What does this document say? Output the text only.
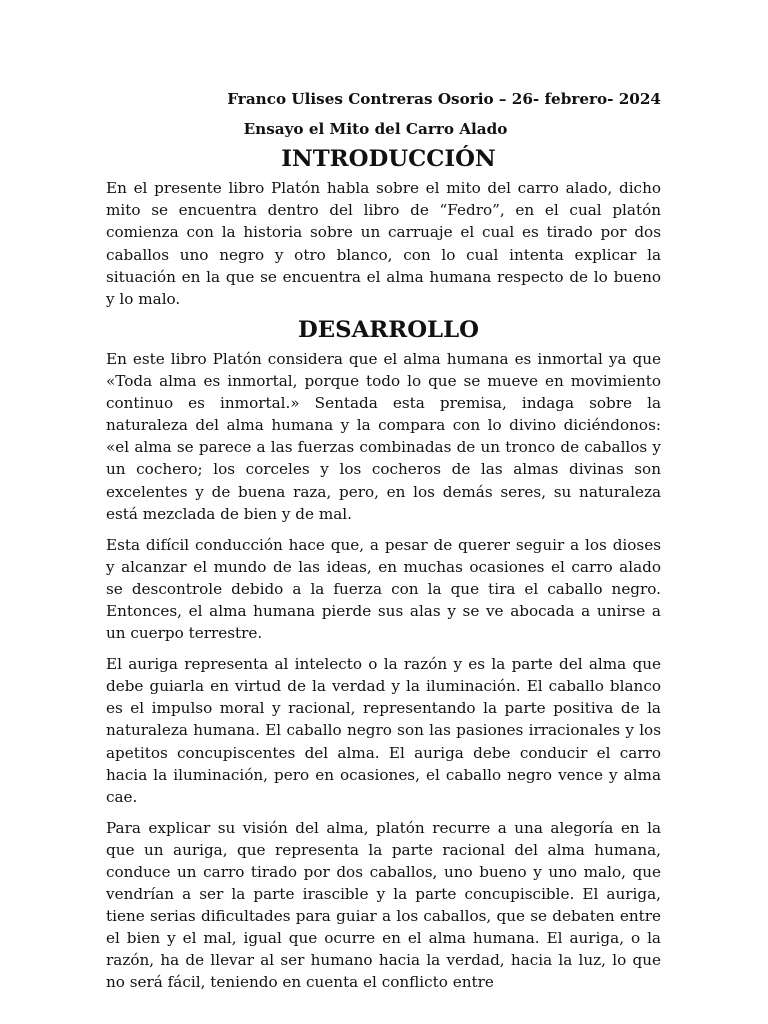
Franco Ulises Contreras Osorio – 26- febrero- 2024

Ensayo el Mito del Carro Alado

INTRODUCCIÓN

En el presente libro Platón habla sobre el mito del carro alado, dicho mito se encuentra dentro del libro de “Fedro”, en el cual platón comienza con la historia sobre un carruaje el cual es tirado por dos caballos uno negro y otro blanco, con lo cual intenta explicar la situación en la que se encuentra el alma humana respecto de lo bueno y lo malo.

DESARROLLO

En este libro Platón considera que el alma humana es inmortal ya que «Toda alma es inmortal, porque todo lo que se mueve en movimiento continuo es inmortal.» Sentada esta premisa, indaga sobre la naturaleza del alma humana y la compara con lo divino diciéndonos: «el alma se parece a las fuerzas combinadas de un tronco de caballos y un cochero; los corceles y los cocheros de las almas divinas son excelentes y de buena raza, pero, en los demás seres, su naturaleza está mezclada de bien y de mal.

Esta difícil conducción hace que, a pesar de querer seguir a los dioses y alcanzar el mundo de las ideas, en muchas ocasiones el carro alado se descontrole debido a la fuerza con la que tira el caballo negro. Entonces, el alma humana pierde sus alas y se ve abocada a unirse a un cuerpo terrestre.

El auriga representa al intelecto o la razón y es la parte del alma que debe guiarla en virtud de la verdad y la iluminación. El caballo blanco es el impulso moral y racional, representando la parte positiva de la naturaleza humana. El caballo negro son las pasiones irracionales y los apetitos concupiscentes del alma. El auriga debe conducir el carro hacia la iluminación, pero en ocasiones, el caballo negro vence y alma cae.

Para explicar su visión del alma, platón recurre a una alegoría en la que un auriga, que representa la parte racional del alma humana, conduce un carro tirado por dos caballos, uno bueno y uno malo, que vendrían a ser la parte irascible y la parte concupiscible. El auriga, tiene serias dificultades para guiar a los caballos, que se debaten entre el bien y el mal, igual que ocurre en el alma humana. El auriga, o la razón, ha de llevar al ser humano hacia la verdad, hacia la luz, lo que no será fácil, teniendo en cuenta el conflicto entre
